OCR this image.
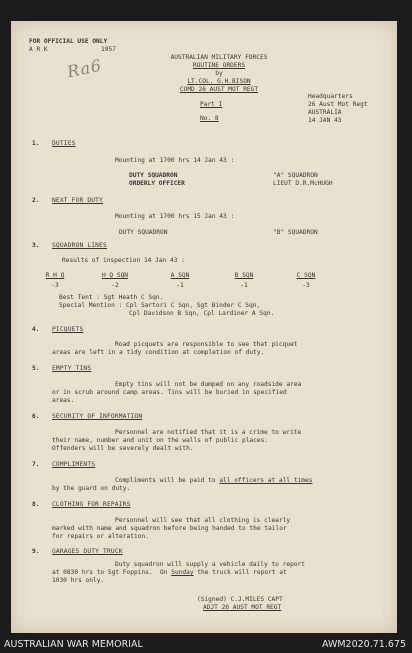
FOR OFFICIAL USE ONLY
A R K	1957
Ra6	AUSTRALIAN MILITARY FORCES
ROUTINE ORDERS
by
LT.COL. G.H.BISON
COMD 26 AUST MOT REGT
Part I
No. 8
Headquarters
26 Aust Mot Regt
AUSTRALIA
14 JAN 43
1. DUTIES
Mounting at 1700 hrs 14 Jan 43 :
DUTY SQUADRON	"A" SQUADRON
ORDERLY OFFICER	LIEUT D.R.McHUGH
2. NEXT FOR DUTY
Mounting at 1700 hrs 15 Jan 43 :
DUTY SQUADRON	"B" SQUADRON
3. SQUADRON LINES
Results of inspection 14 Jan 43 :
R H Q	H Q SQN	A SQN	B SQN	C SQN
-3	-2	-1	-1	-3
Best Tent : Sgt Heath C Sqn.
Special Mention : Cpl Sartori C Sqn, Sgt Binder C Sqn,
Cpl Davidson B Sqn, Cpl Lardiner A Sqn.
4. PICQUETS
Road picquets are responsible to see that picquet
areas are left in a tidy condition at completion of duty.
5. EMPTY TINS
Empty tins will not be dumped on any roadside area
or in scrub around camp areas. Tins will be buried in specified
areas.
6. SECURITY OF INFORMATION
Personnel are notified that it is a crime to write
their name, number and unit on the walls of public places.
Offenders will be severely dealt with.
7. COMPLIMENTS
Compliments will be paid to all officers at all times
by the guard on duty.
8. CLOTHING FOR REPAIRS
Personnel will see that all clothing is clearly
marked with name and squadron before being handed to the tailor
for repairs or alteration.
9. GARAGES DUTY TRUCK
Duty squadron will supply a vehicle daily to report
at 0830 hrs to Sgt Foppins.  On Sunday the truck will report at
1030 hrs only.
(Signed) C.J.MILES CAPT
ADJT 26 AUST MOT REGT
AUSTRALIAN WAR MEMORIAL	AWM2020.71.675
